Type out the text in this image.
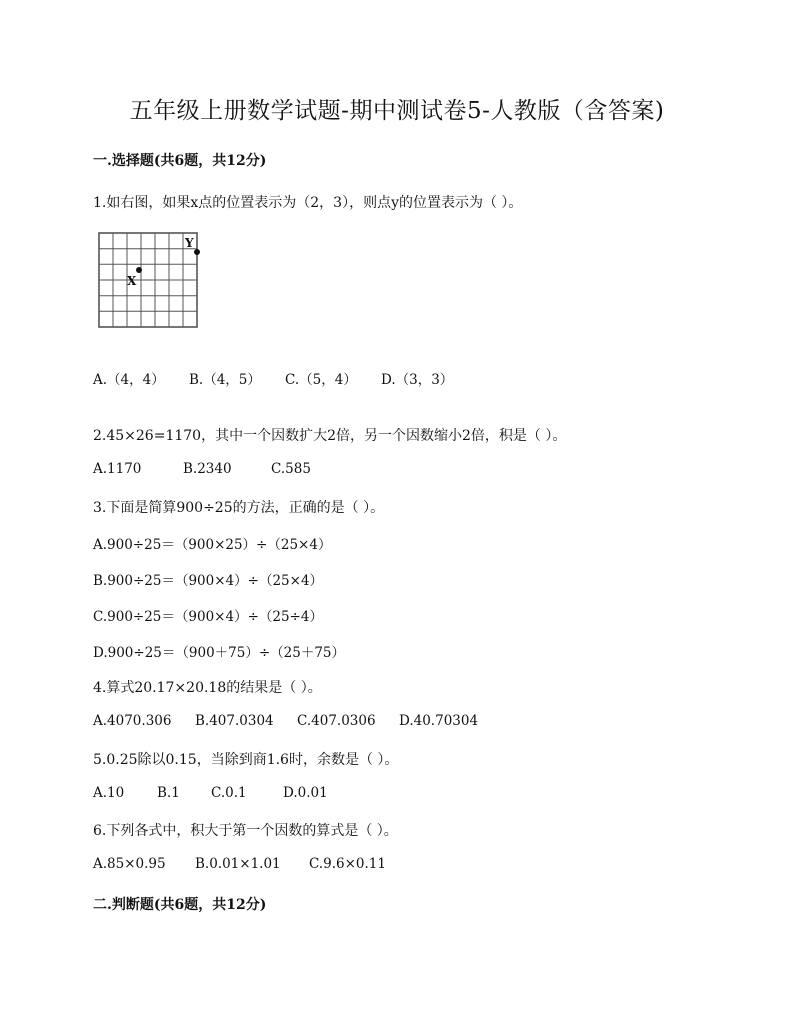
五年级上册数学试题-期中测试卷5-人教版（含答案)
一.选择题(共6题，共12分)
1.如右图，如果x点的位置表示为（2，3），则点y的位置表示为（ ）。
X
Y
A.（4，4） B.（4，5） C.（5，4） D.（3，3）
2.45×26=1170，其中一个因数扩大2倍，另一个因数缩小2倍，积是（ ）。
A.1170	B.2340	C.585
3.下面是简算900÷25的方法，正确的是（ ）。
A.900÷25＝（900×25）÷（25×4）
B.900÷25＝（900×4）÷（25×4）
C.900÷25＝（900×4）÷（25÷4）
D.900÷25＝（900＋75）÷（25＋75）
4.算式20.17×20.18的结果是（ ）。
A.4070.306 B.407.0304 C.407.0306 D.40.70304
5.0.25除以0.15，当除到商1.6时，余数是（ ）。
A.10 B.1 C.0.1	D.0.01
6.下列各式中，积大于第一个因数的算式是（ ）。
A.85×0.95 B.0.01×1.01 C.9.6×0.11
二.判断题(共6题，共12分)
